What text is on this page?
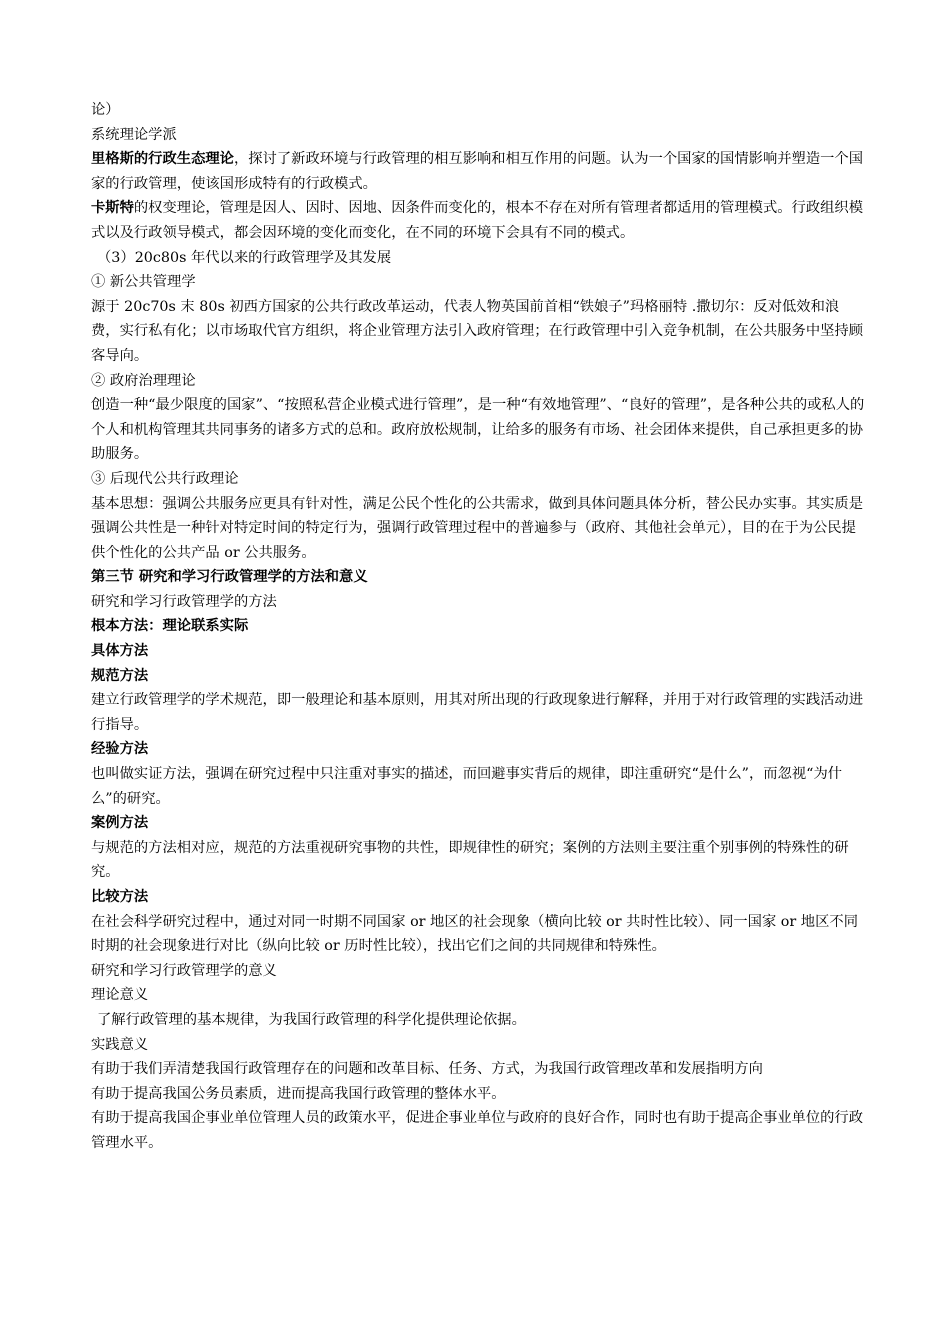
论）

系统理论学派

里格斯的行政生态理论，探讨了新政环境与行政管理的相互影响和相互作用的问题。认为一个国家的国情影响并塑造一个国家的行政管理，使该国形成特有的行政模式。

卡斯特的权变理论，管理是因人、因时、因地、因条件而变化的，根本不存在对所有管理者都适用的管理模式。行政组织模式以及行政领导模式，都会因环境的变化而变化，在不同的环境下会具有不同的模式。

（3）20c80s 年代以来的行政管理学及其发展

① 新公共管理学

源于 20c70s 末 80s 初西方国家的公共行政改革运动，代表人物英国前首相“铁娘子”玛格丽特 .撒切尔：反对低效和浪费，实行私有化；以市场取代官方组织，将企业管理方法引入政府管理；在行政管理中引入竞争机制，在公共服务中坚持顾客导向。

② 政府治理理论

创造一种“最少限度的国家”、“按照私营企业模式进行管理”，是一种“有效地管理”、“良好的管理”，是各种公共的或私人的个人和机构管理其共同事务的诸多方式的总和。政府放松规制，让给多的服务有市场、社会团体来提供，自己承担更多的协助服务。

③ 后现代公共行政理论

基本思想：强调公共服务应更具有针对性，满足公民个性化的公共需求，做到具体问题具体分析，替公民办实事。其实质是强调公共性是一种针对特定时间的特定行为，强调行政管理过程中的普遍参与（政府、其他社会单元），目的在于为公民提供个性化的公共产品 or 公共服务。

第三节 研究和学习行政管理学的方法和意义

研究和学习行政管理学的方法

根本方法：理论联系实际

具体方法

规范方法

建立行政管理学的学术规范，即一般理论和基本原则，用其对所出现的行政现象进行解释，并用于对行政管理的实践活动进行指导。

经验方法

也叫做实证方法，强调在研究过程中只注重对事实的描述，而回避事实背后的规律，即注重研究“是什么”，而忽视“为什么”的研究。

案例方法

与规范的方法相对应，规范的方法重视研究事物的共性，即规律性的研究；案例的方法则主要注重个别事例的特殊性的研究。

比较方法

在社会科学研究过程中，通过对同一时期不同国家 or 地区的社会现象（横向比较 or 共时性比较）、同一国家 or 地区不同时期的社会现象进行对比（纵向比较 or 历时性比较），找出它们之间的共同规律和特殊性。

研究和学习行政管理学的意义

理论意义

了解行政管理的基本规律，为我国行政管理的科学化提供理论依据。

实践意义

有助于我们弄清楚我国行政管理存在的问题和改革目标、任务、方式，为我国行政管理改革和发展指明方向

有助于提高我国公务员素质，进而提高我国行政管理的整体水平。

有助于提高我国企事业单位管理人员的政策水平，促进企事业单位与政府的良好合作，同时也有助于提高企事业单位的行政管理水平。
